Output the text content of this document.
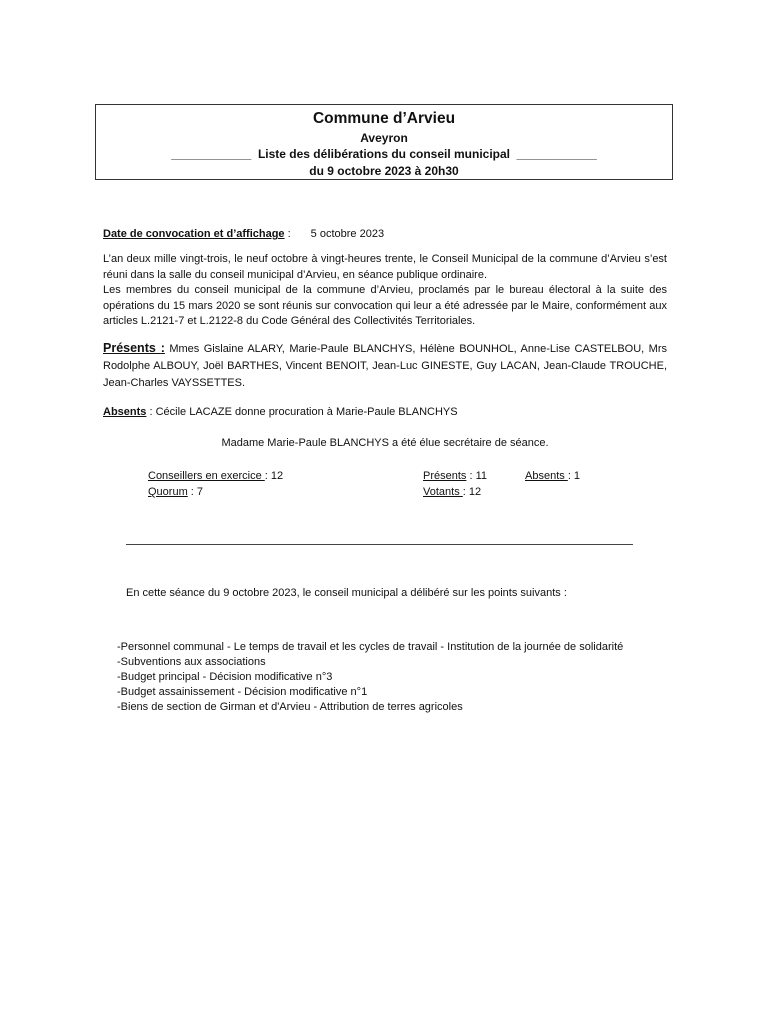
Commune d’Arvieu
Aveyron
____________  Liste des délibérations du conseil municipal  ____________
du 9 octobre 2023 à 20h30
Date de convocation et d’affichage : 5 octobre 2023
L’an deux mille vingt-trois, le neuf octobre à vingt-heures trente, le Conseil Municipal de la commune d’Arvieu s’est réuni dans la salle du conseil municipal d’Arvieu, en séance publique ordinaire.
Les membres du conseil municipal de la commune d’Arvieu, proclamés par le bureau électoral à la suite des opérations du 15 mars 2020 se sont réunis sur convocation qui leur a été adressée par le Maire, conformément aux articles L.2121-7 et L.2122-8 du Code Général des Collectivités Territoriales.
Présents : Mmes Gislaine ALARY, Marie-Paule BLANCHYS, Hélène BOUNHOL, Anne-Lise CASTELBOU, Mrs Rodolphe ALBOUY, Joël BARTHES, Vincent BENOIT, Jean-Luc GINESTE, Guy LACAN, Jean-Claude TROUCHE, Jean-Charles VAYSSETTES.
Absents : Cécile LACAZE donne procuration à Marie-Paule BLANCHYS
Madame Marie-Paule BLANCHYS a été élue secrétaire de séance.
Conseillers en exercice : 12
Quorum : 7
Présents : 11
Votants : 12
Absents : 1
En cette séance du 9 octobre 2023, le conseil municipal a délibéré sur les points suivants :
-Personnel communal - Le temps de travail et les cycles de travail - Institution de la journée de solidarité
-Subventions aux associations
-Budget principal - Décision modificative n°3
-Budget assainissement - Décision modificative n°1
-Biens de section de Girman et d'Arvieu - Attribution de terres agricoles
